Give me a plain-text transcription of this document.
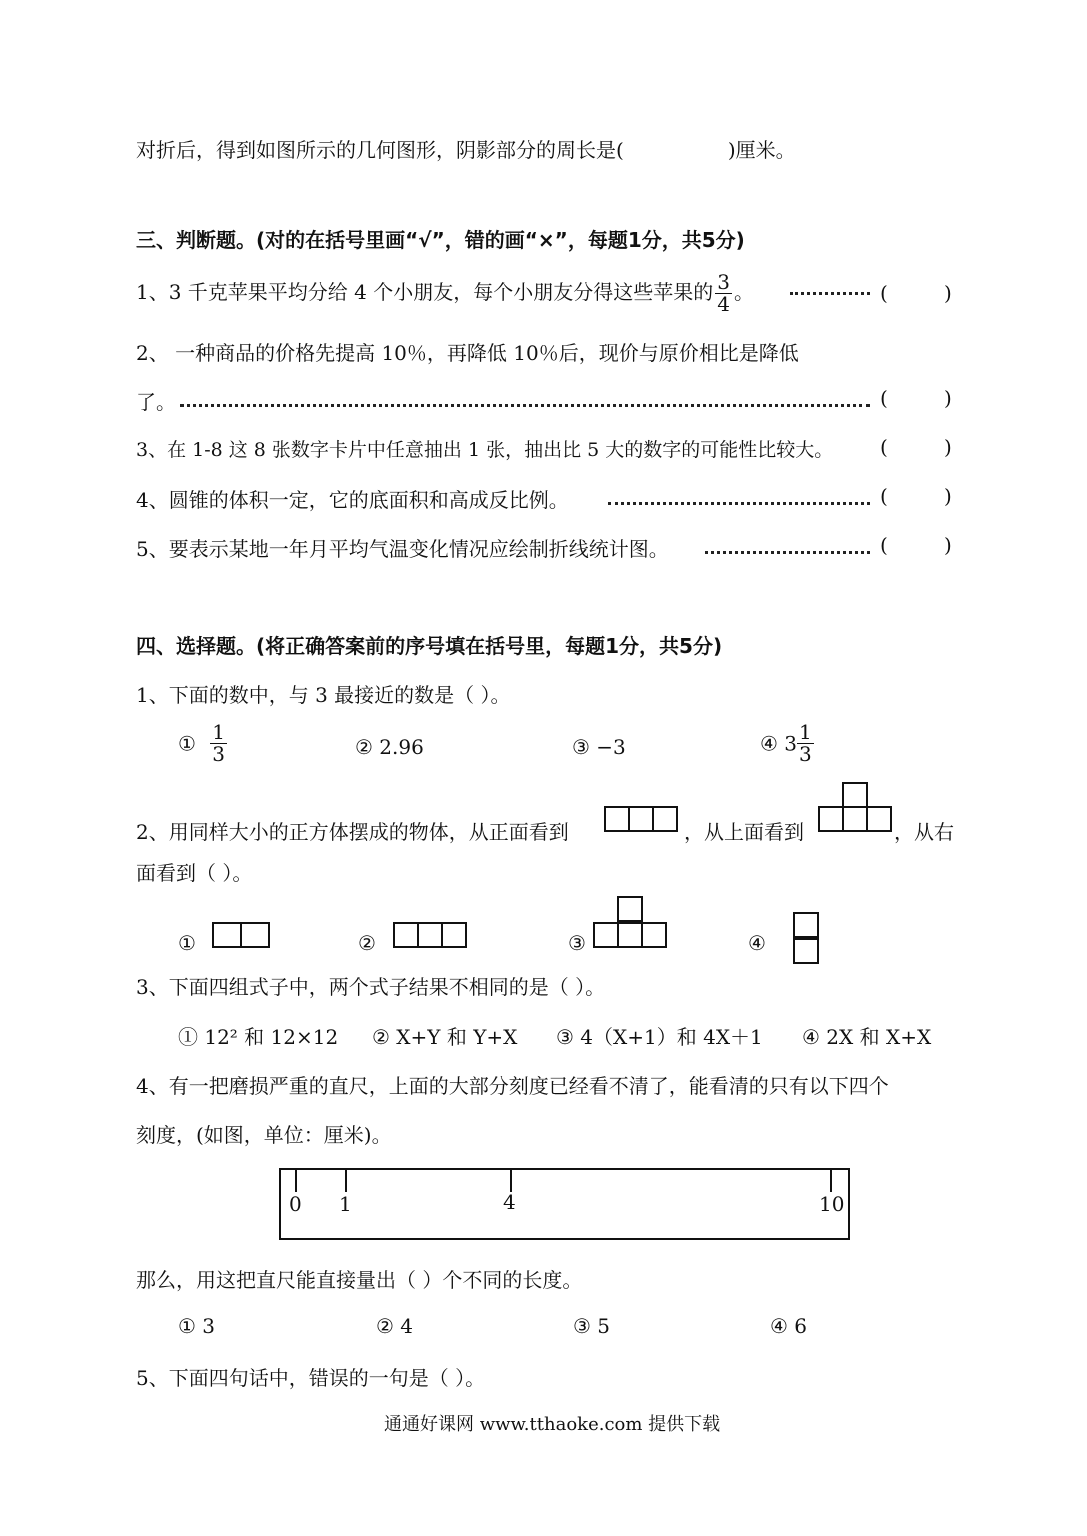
对折后，得到如图所示的几何图形，阴影部分的周长是(	)厘米。
三、判断题。(对的在括号里画“√”，错的画“×”，每题1分，共5分)
1、3 千克苹果平均分给 4 个小朋友，每个小朋友分得这些苹果的 $\frac{3}{4}$ 。	(	)
2、 一种商品的价格先提高 10％，再降低 10％后，现价与原价相比是降低
了。	(	)
3、在 1-8 这 8 张数字卡片中任意抽出 1 张，抽出比 5 大的数字的可能性比较大。 (	)
4、圆锥的体积一定，它的底面积和高成反比例。	(	)
5、要表示某地一年月平均气温变化情况应绘制折线统计图。	(	)
四、选择题。(将正确答案前的序号填在括号里，每题1分，共5分)
1、下面的数中，与 3 最接近的数是（ ）。
① $\frac{1}{3}$	② 2.96	③ −3	④ $3 \frac{1}{3}$
2、用同样大小的正方体摆成的物体，从正面看到	，从上面看到	，从右
面看到（ ）。
①	②	③	④
3、下面四组式子中，两个式子结果不相同的是（ ）。
① 12² 和 12×12 ② X+Y 和 Y+X ③ 4（X+1）和 4X＋1 ④ 2X 和 X+X
4、有一把磨损严重的直尺，上面的大部分刻度已经看不清了，能看清的只有以下四个
刻度，(如图，单位：厘米)。
0 1	4	10
那么，用这把直尺能直接量出（ ）个不同的长度。
① 3	② 4	③ 5	④ 6
5、下面四句话中，错误的一句是（ ）。
通通好课网 www.tthaoke.com 提供下载
